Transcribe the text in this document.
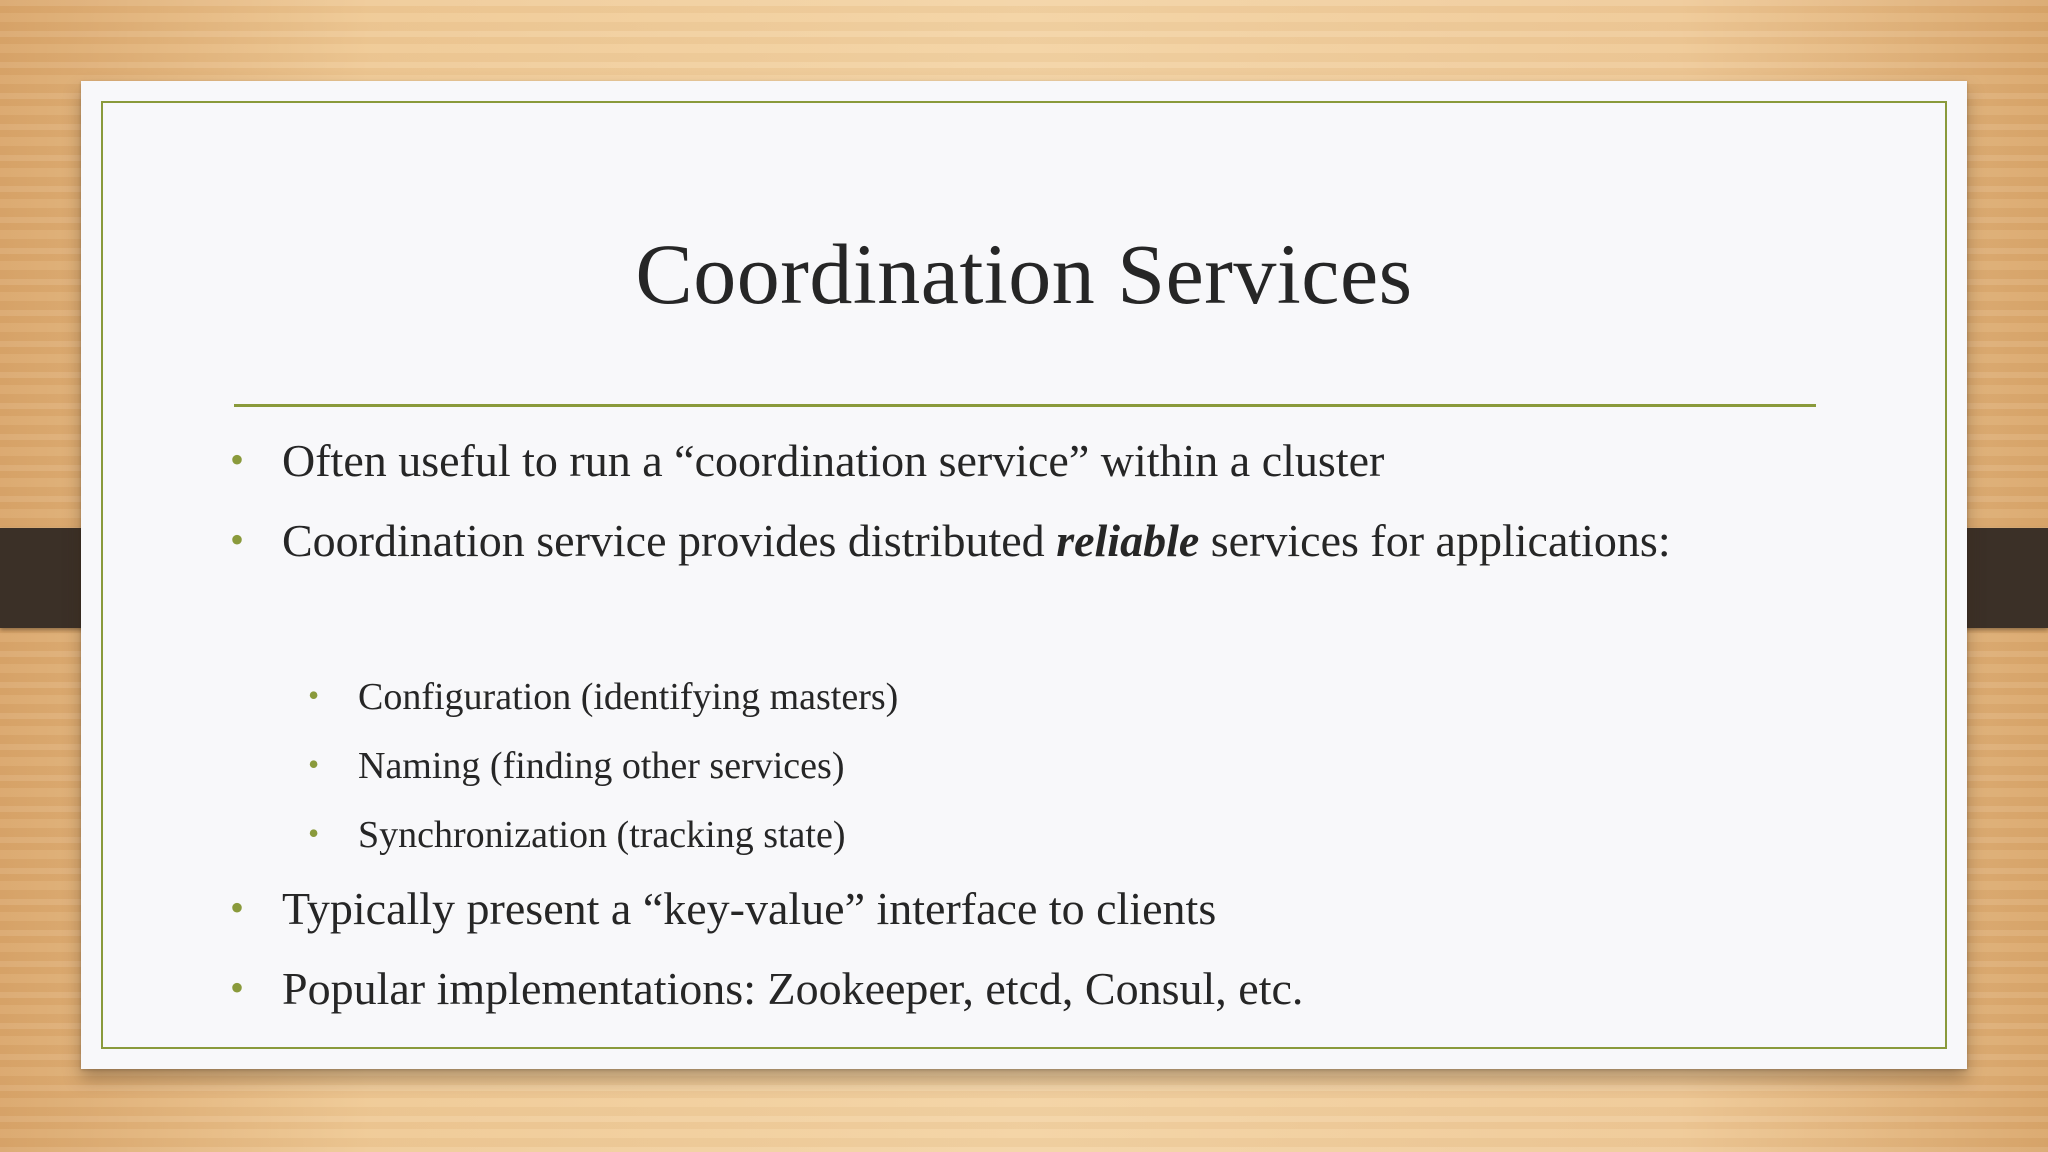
Coordination Services
• Often useful to run a “coordination service” within a cluster
• Coordination service provides distributed reliable services for applications:
• Configuration (identifying masters)
• Naming (finding other services)
• Synchronization (tracking state)
• Typically present a “key-value” interface to clients
• Popular implementations: Zookeeper, etcd, Consul, etc.
